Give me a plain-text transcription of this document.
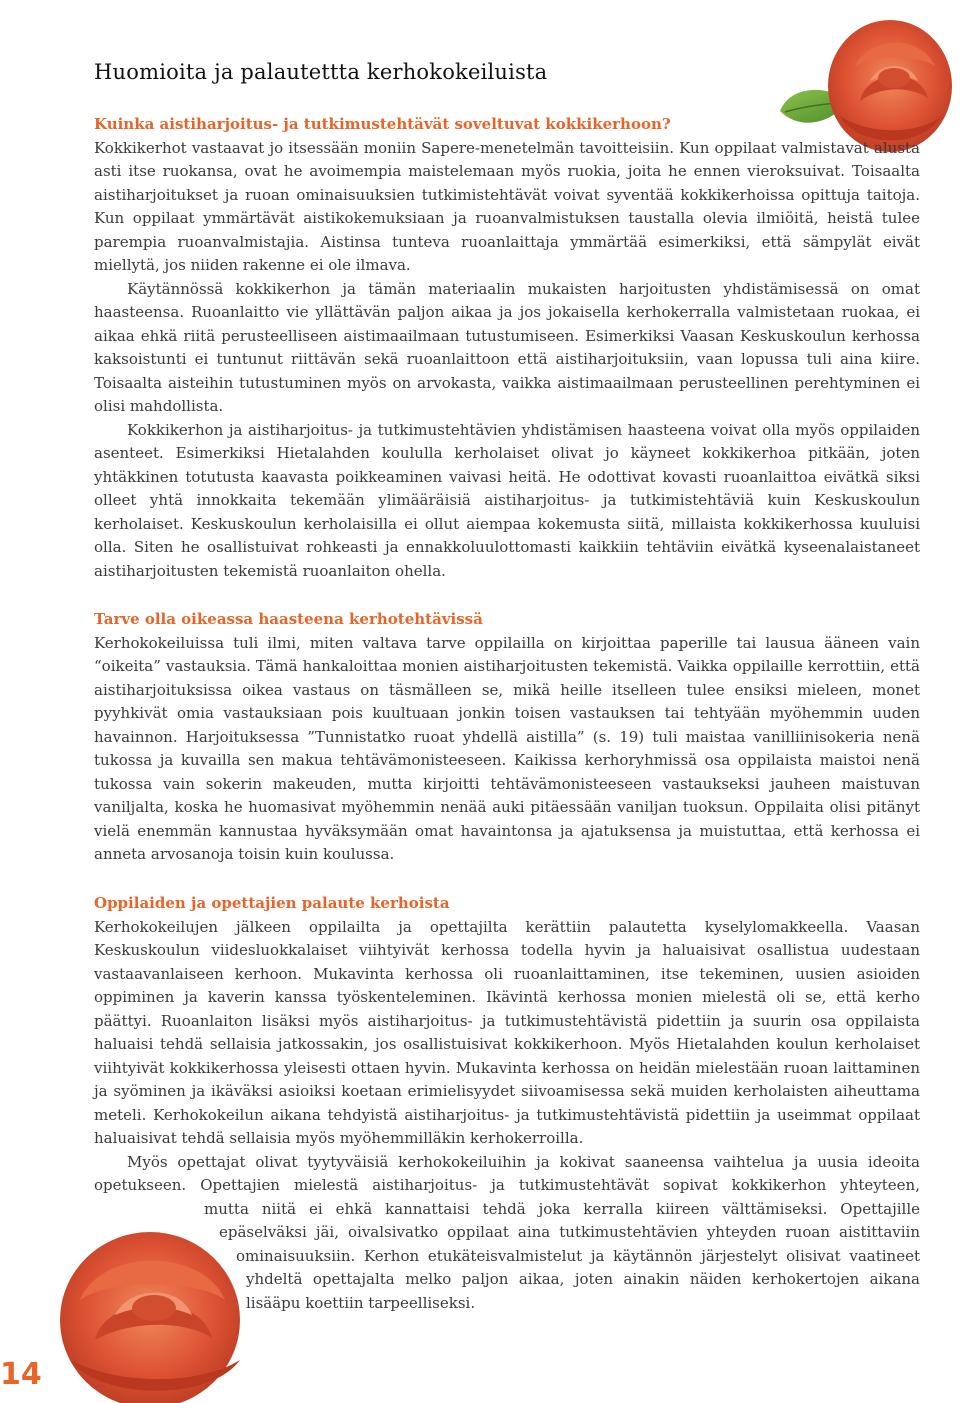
Huomioita ja palautettta kerhokokeiluista
Kuinka aistiharjoitus- ja tutkimustehtävät soveltuvat kokkikerhoon?

Kokkikerhot vastaavat jo itsessään moniin Sapere-menetelmän tavoitteisiin. Kun oppilaat valmistavat alusta asti itse ruokansa, ovat he avoimempia maistelemaan myös ruokia, joita he ennen vieroksuivat. Toisaalta aistiharjoitukset ja ruoan ominaisuuksien tutkimistehtävät voivat syventää kokkikerhoissa opittuja taitoja. Kun oppilaat ymmärtävät aistikokemuksiaan ja ruoanvalmistuksen taustalla olevia ilmiöitä, heistä tulee parempia ruoanvalmistajia. Aistinsa tunteva ruoanlaittaja ymmärtää esimerkiksi, että sämpylät eivät miellytä, jos niiden rakenne ei ole ilmava.

Käytännössä kokkikerhon ja tämän materiaalin mukaisten harjoitusten yhdistämisessä on omat haasteensa. Ruoanlaitto vie yllättävän paljon aikaa ja jos jokaisella kerhokerralla valmistetaan ruokaa, ei aikaa ehkä riitä perusteelliseen aistimaailmaan tutustumiseen. Esimerkiksi Vaasan Keskuskoulun kerhossa kaksoistunti ei tuntunut riittävän sekä ruoanlaittoon että aistiharjoituksiin, vaan lopussa tuli aina kiire. Toisaalta aisteihin tutustuminen myös on arvokasta, vaikka aistimaailmaan perusteellinen perehtyminen ei olisi mahdollista.

Kokkikerhon ja aistiharjoitus- ja tutkimustehtävien yhdistämisen haasteena voivat olla myös oppilaiden asenteet. Esimerkiksi Hietalahden koululla kerholaiset olivat jo käyneet kokkikerhoa pitkään, joten yhtäkkinen totutusta kaavasta poikkeaminen vaivasi heitä. He odottivat kovasti ruoanlaittoa eivätkä siksi olleet yhtä innokkaita tekemään ylimääräisiä aistiharjoitus- ja tutkimistehtäviä kuin Keskuskoulun kerholaiset. Keskuskoulun kerholaisilla ei ollut aiempaa kokemusta siitä, millaista kokkikerhossa kuuluisi olla. Siten he osallistuivat rohkeasti ja ennakkoluulottomasti kaikkiin tehtäviin eivätkä kyseenalaistaneet aistiharjoitusten tekemistä ruoanlaiton ohella.

Tarve olla oikeassa haasteena kerhotehtävissä

Kerhokokeiluissa tuli ilmi, miten valtava tarve oppilailla on kirjoittaa paperille tai lausua ääneen vain “oikeita” vastauksia. Tämä hankaloittaa monien aistiharjoitusten tekemistä. Vaikka oppilaille kerrottiin, että aistiharjoituksissa oikea vastaus on täsmälleen se, mikä heille itselleen tulee ensiksi mieleen, monet pyyhkivät omia vastauksiaan pois kuultuaan jonkin toisen vastauksen tai tehtyään myöhemmin uuden havainnon. Harjoituksessa ”Tunnistatko ruoat yhdellä aistilla” (s. 19) tuli maistaa vanilliinisokeria nenä tukossa ja kuvailla sen makua tehtävämonisteeseen. Kaikissa kerhoryhmissä osa oppilaista maistoi nenä tukossa vain sokerin makeuden, mutta kirjoitti tehtävämonisteeseen vastaukseksi jauheen maistuvan vaniljalta, koska he huomasivat myöhemmin nenää auki pitäessään vaniljan tuoksun. Oppilaita olisi pitänyt vielä enemmän kannustaa hyväksymään omat havaintonsa ja ajatuksensa ja muistuttaa, että kerhossa ei anneta arvosanoja toisin kuin koulussa.

Oppilaiden ja opettajien palaute kerhoista

Kerhokokeilujen jälkeen oppilailta ja opettajilta kerättiin palautetta kyselylomakkeella. Vaasan Keskuskoulun viidesluokkalaiset viihtyivät kerhossa todella hyvin ja haluaisivat osallistua uudestaan vastaavanlaiseen kerhoon. Mukavinta kerhossa oli ruoanlaittaminen, itse tekeminen, uusien asioiden oppiminen ja kaverin kanssa työskenteleminen. Ikävintä kerhossa monien mielestä oli se, että kerho päättyi. Ruoanlaiton lisäksi myös aistiharjoitus- ja tutkimustehtävistä pidettiin ja suurin osa oppilaista haluaisi tehdä sellaisia jatkossakin, jos osallistuisivat kokkikerhoon. Myös Hietalahden koulun kerholaiset viihtyivät kokkikerhossa yleisesti ottaen hyvin. Mukavinta kerhossa on heidän mielestään ruoan laittaminen ja syöminen ja ikäväksi asioiksi koetaan erimielisyydet siivoamisessa sekä muiden kerholaisten aiheuttama meteli. Kerhokokeilun aikana tehdyistä aistiharjoitus- ja tutkimustehtävistä pidettiin ja useimmat oppilaat haluaisivat tehdä sellaisia myös myöhemmilläkin kerhokerroilla.

Myös opettajat olivat tyytyväisiä kerhokokeiluihin ja kokivat saaneensa vaihtelua ja uusia ideoita
opetukseen. Opettajien mielestä aistiharjoitus- ja tutkimustehtävät sopivat kokkikerhon yhteyteen,
mutta niitä ei ehkä kannattaisi tehdä joka kerralla kiireen välttämiseksi. Opettajille
epäselväksi jäi, oivalsivatko oppilaat aina tutkimustehtävien yhteyden ruoan aistittaviin
ominaisuuksiin. Kerhon etukäteisvalmistelut ja käytännön järjestelyt olisivat vaatineet
yhdeltä opettajalta melko paljon aikaa, joten ainakin näiden kerhokertojen aikana
lisääpu koettiin tarpeelliseksi.
14
